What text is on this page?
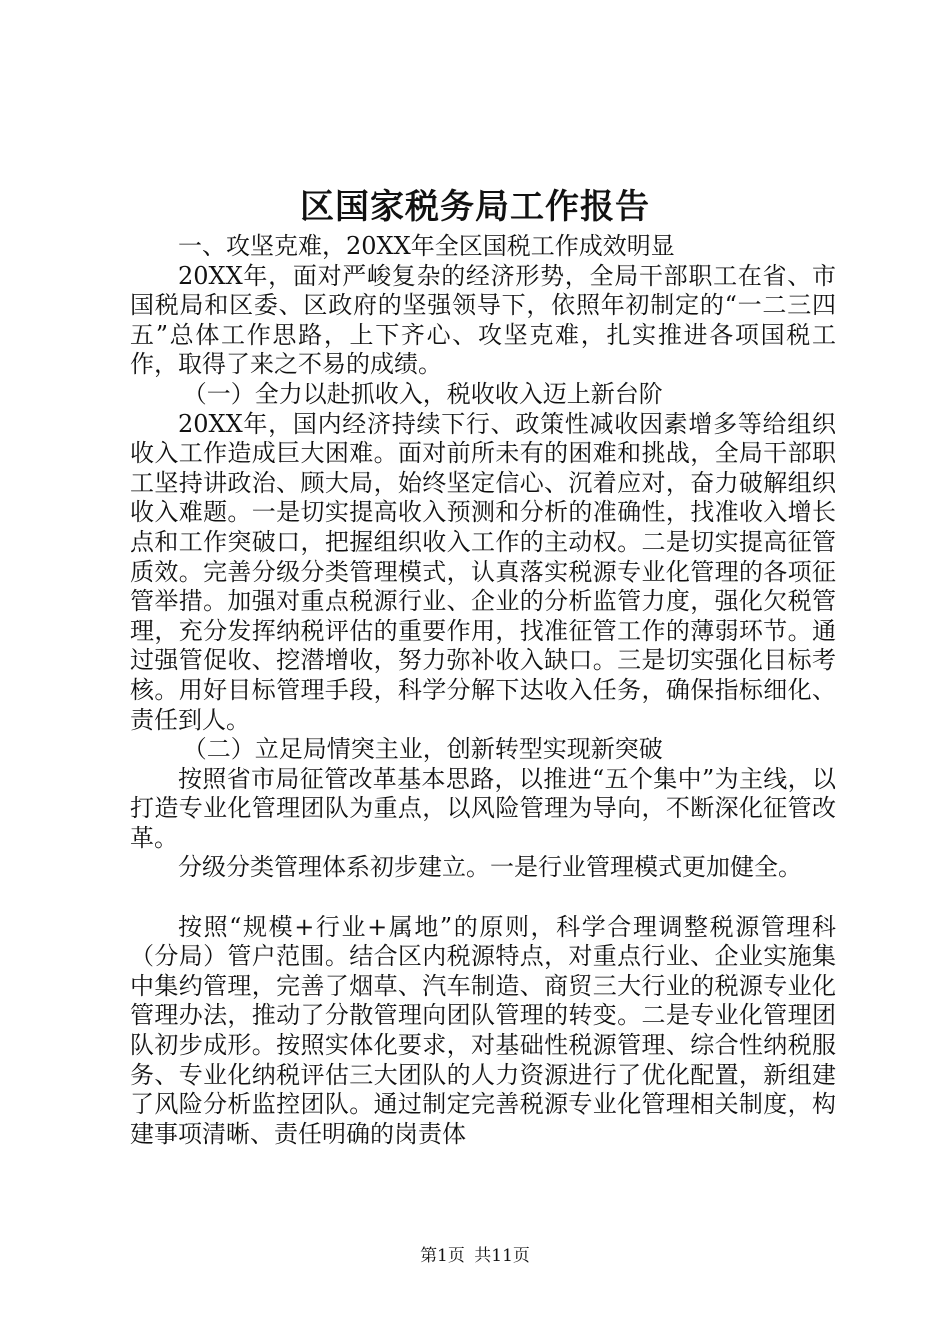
区国家税务局工作报告

一、攻坚克难，20XX年全区国税工作成效明显

20XX年，面对严峻复杂的经济形势，全局干部职工在省、市国税局和区委、区政府的坚强领导下，依照年初制定的“一二三四五”总体工作思路，上下齐心、攻坚克难，扎实推进各项国税工作，取得了来之不易的成绩。

（一）全力以赴抓收入，税收收入迈上新台阶

20XX年，国内经济持续下行、政策性减收因素增多等给组织收入工作造成巨大困难。面对前所未有的困难和挑战，全局干部职工坚持讲政治、顾大局，始终坚定信心、沉着应对，奋力破解组织收入难题。一是切实提高收入预测和分析的准确性，找准收入增长点和工作突破口，把握组织收入工作的主动权。二是切实提高征管质效。完善分级分类管理模式，认真落实税源专业化管理的各项征管举措。加强对重点税源行业、企业的分析监管力度，强化欠税管理，充分发挥纳税评估的重要作用，找准征管工作的薄弱环节。通过强管促收、挖潜增收，努力弥补收入缺口。三是切实强化目标考核。用好目标管理手段，科学分解下达收入任务，确保指标细化、责任到人。

（二）立足局情突主业，创新转型实现新突破

按照省市局征管改革基本思路，以推进“五个集中”为主线，以打造专业化管理团队为重点，以风险管理为导向，不断深化征管改革。

分级分类管理体系初步建立。一是行业管理模式更加健全。

按照“规模+行业+属地”的原则，科学合理调整税源管理科（分局）管户范围。结合区内税源特点，对重点行业、企业实施集中集约管理，完善了烟草、汽车制造、商贸三大行业的税源专业化管理办法，推动了分散管理向团队管理的转变。二是专业化管理团队初步成形。按照实体化要求，对基础性税源管理、综合性纳税服务、专业化纳税评估三大团队的人力资源进行了优化配置，新组建了风险分析监控团队。通过制定完善税源专业化管理相关制度，构建事项清晰、责任明确的岗责体

第1页 共11页
